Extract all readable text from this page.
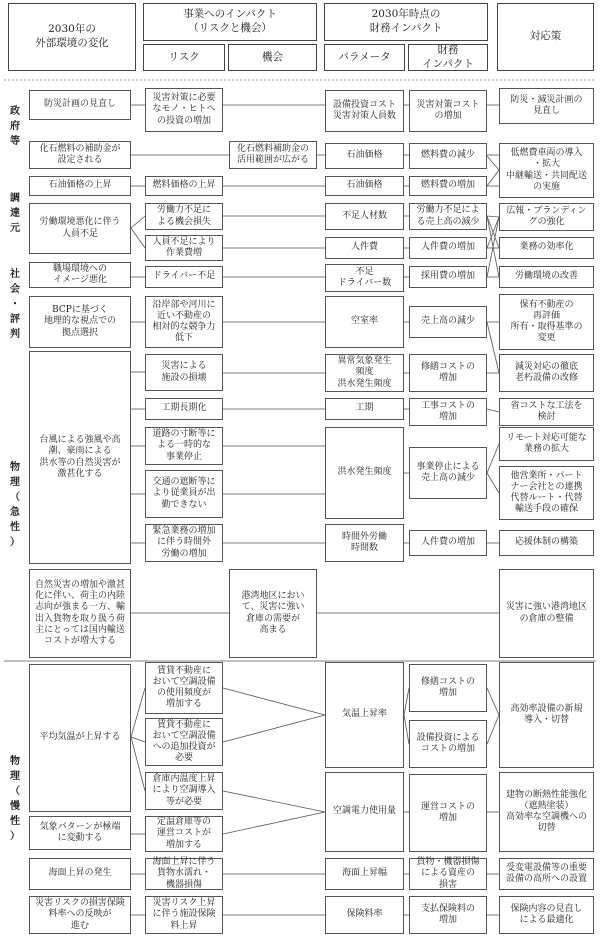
2030年の
外部環境の変化
事業へのインパクト
（リスクと機会）
リスク	機会
2030年時点の
財務インパクト
パラメータ
財務
インパクト
対応策
政
府
等
調
達
元
社
会
・
評
判
物
理
（
急
性
）
物
理
（
慢
性
）
防災計画の見直し
化石燃料の補助金が
設定される
石油価格の上昇
労働環境悪化に伴う
人員不足
職場環境への
イメージ悪化
BCPに基づく
地理的な視点での
拠点選択
台風による強風や高
潮、豪雨による
洪水等の自然災害が
激甚化する
自然災害の増加や激甚
化に伴い、荷主の内陸
志向が強まる一方、輸
出入貨物を取り扱う荷
主にとっては国内輸送
コストが増大する
平均気温が上昇する
気象パターンが極端
に変動する
海面上昇の発生
災害リスクの損害保険
料率への反映が
進む
災害対策に必要
なモノ・ヒトへ
の投資の増加
燃料価格の上昇
労働力不足に
よる機会損失
人員不足により
作業費増
ドライバー不足
沿岸部や河川に
近い不動産の
相対的な競争力
低下
災害による
施設の損壊
工期長期化
道路の寸断等に
よる一時的な
事業停止
交通の遮断等に
より従業員が出
勤できない
緊急業務の増加
に伴う時間外
労働の増加
賃貸不動産に
おいて空調設備
の使用頻度が
増加する
賃貸不動産に
おいて空調設備
への追加投資が
必要
倉庫内温度上昇
により空調導入
等が必要
定温倉庫等の
運営コストが
増加する
海面上昇に伴う
貨物水濡れ・
機器損傷
災害リスク上昇
に伴う施設保険
料上昇
化石燃料補助金の
活用範囲が広がる
港湾地区におい
て、災害に強い
倉庫の需要が
高まる
設備投資コスト
災害対策人員数
石油価格
石油価格
不足人材数
人件費
不足
ドライバー数
空室率
異常気象発生
頻度
洪水発生頻度
工期
洪水発生頻度
時間外労働
時間数
気温上昇率
空調電力使用量
海面上昇幅
保険料率
災害対策コスト
の増加
燃料費の減少
燃料費の増加
労働力不足によ
る売上高の減少
人件費の増加
採用費の増加
売上高の減少
修繕コストの
増加
工事コストの
増加
事業停止による
売上高の減少
人件費の増加
修繕コストの
増加
設備投資による
コストの増加
運営コストの
増加
貨物・機器損傷
による資産の
損害
支払保険料の
増加
防災・減災計画の
見直し
低燃費車両の導入
・拡大
中継輸送・共同配送
の実施
広報・ブランディン
グの強化
業務の効率化
労働環境の改善
保有不動産の
再評価
所有・取得基準の
変更
減災対応の徹底
老朽設備の改修
省コストな工法を
検討
リモート対応可能な
業務の拡大
他営業所・パート
ナー会社との連携
代替ルート・代替
輸送手段の確保
応援体制の構築
災害に強い港湾地区
の倉庫の整備
高効率設備の新規
導入・切替
建物の断熱性能強化
（遮熱塗装）
高効率な空調機への
切替
受変電設備等の重要
設備の高所への設置
保険内容の見直し
による最適化
